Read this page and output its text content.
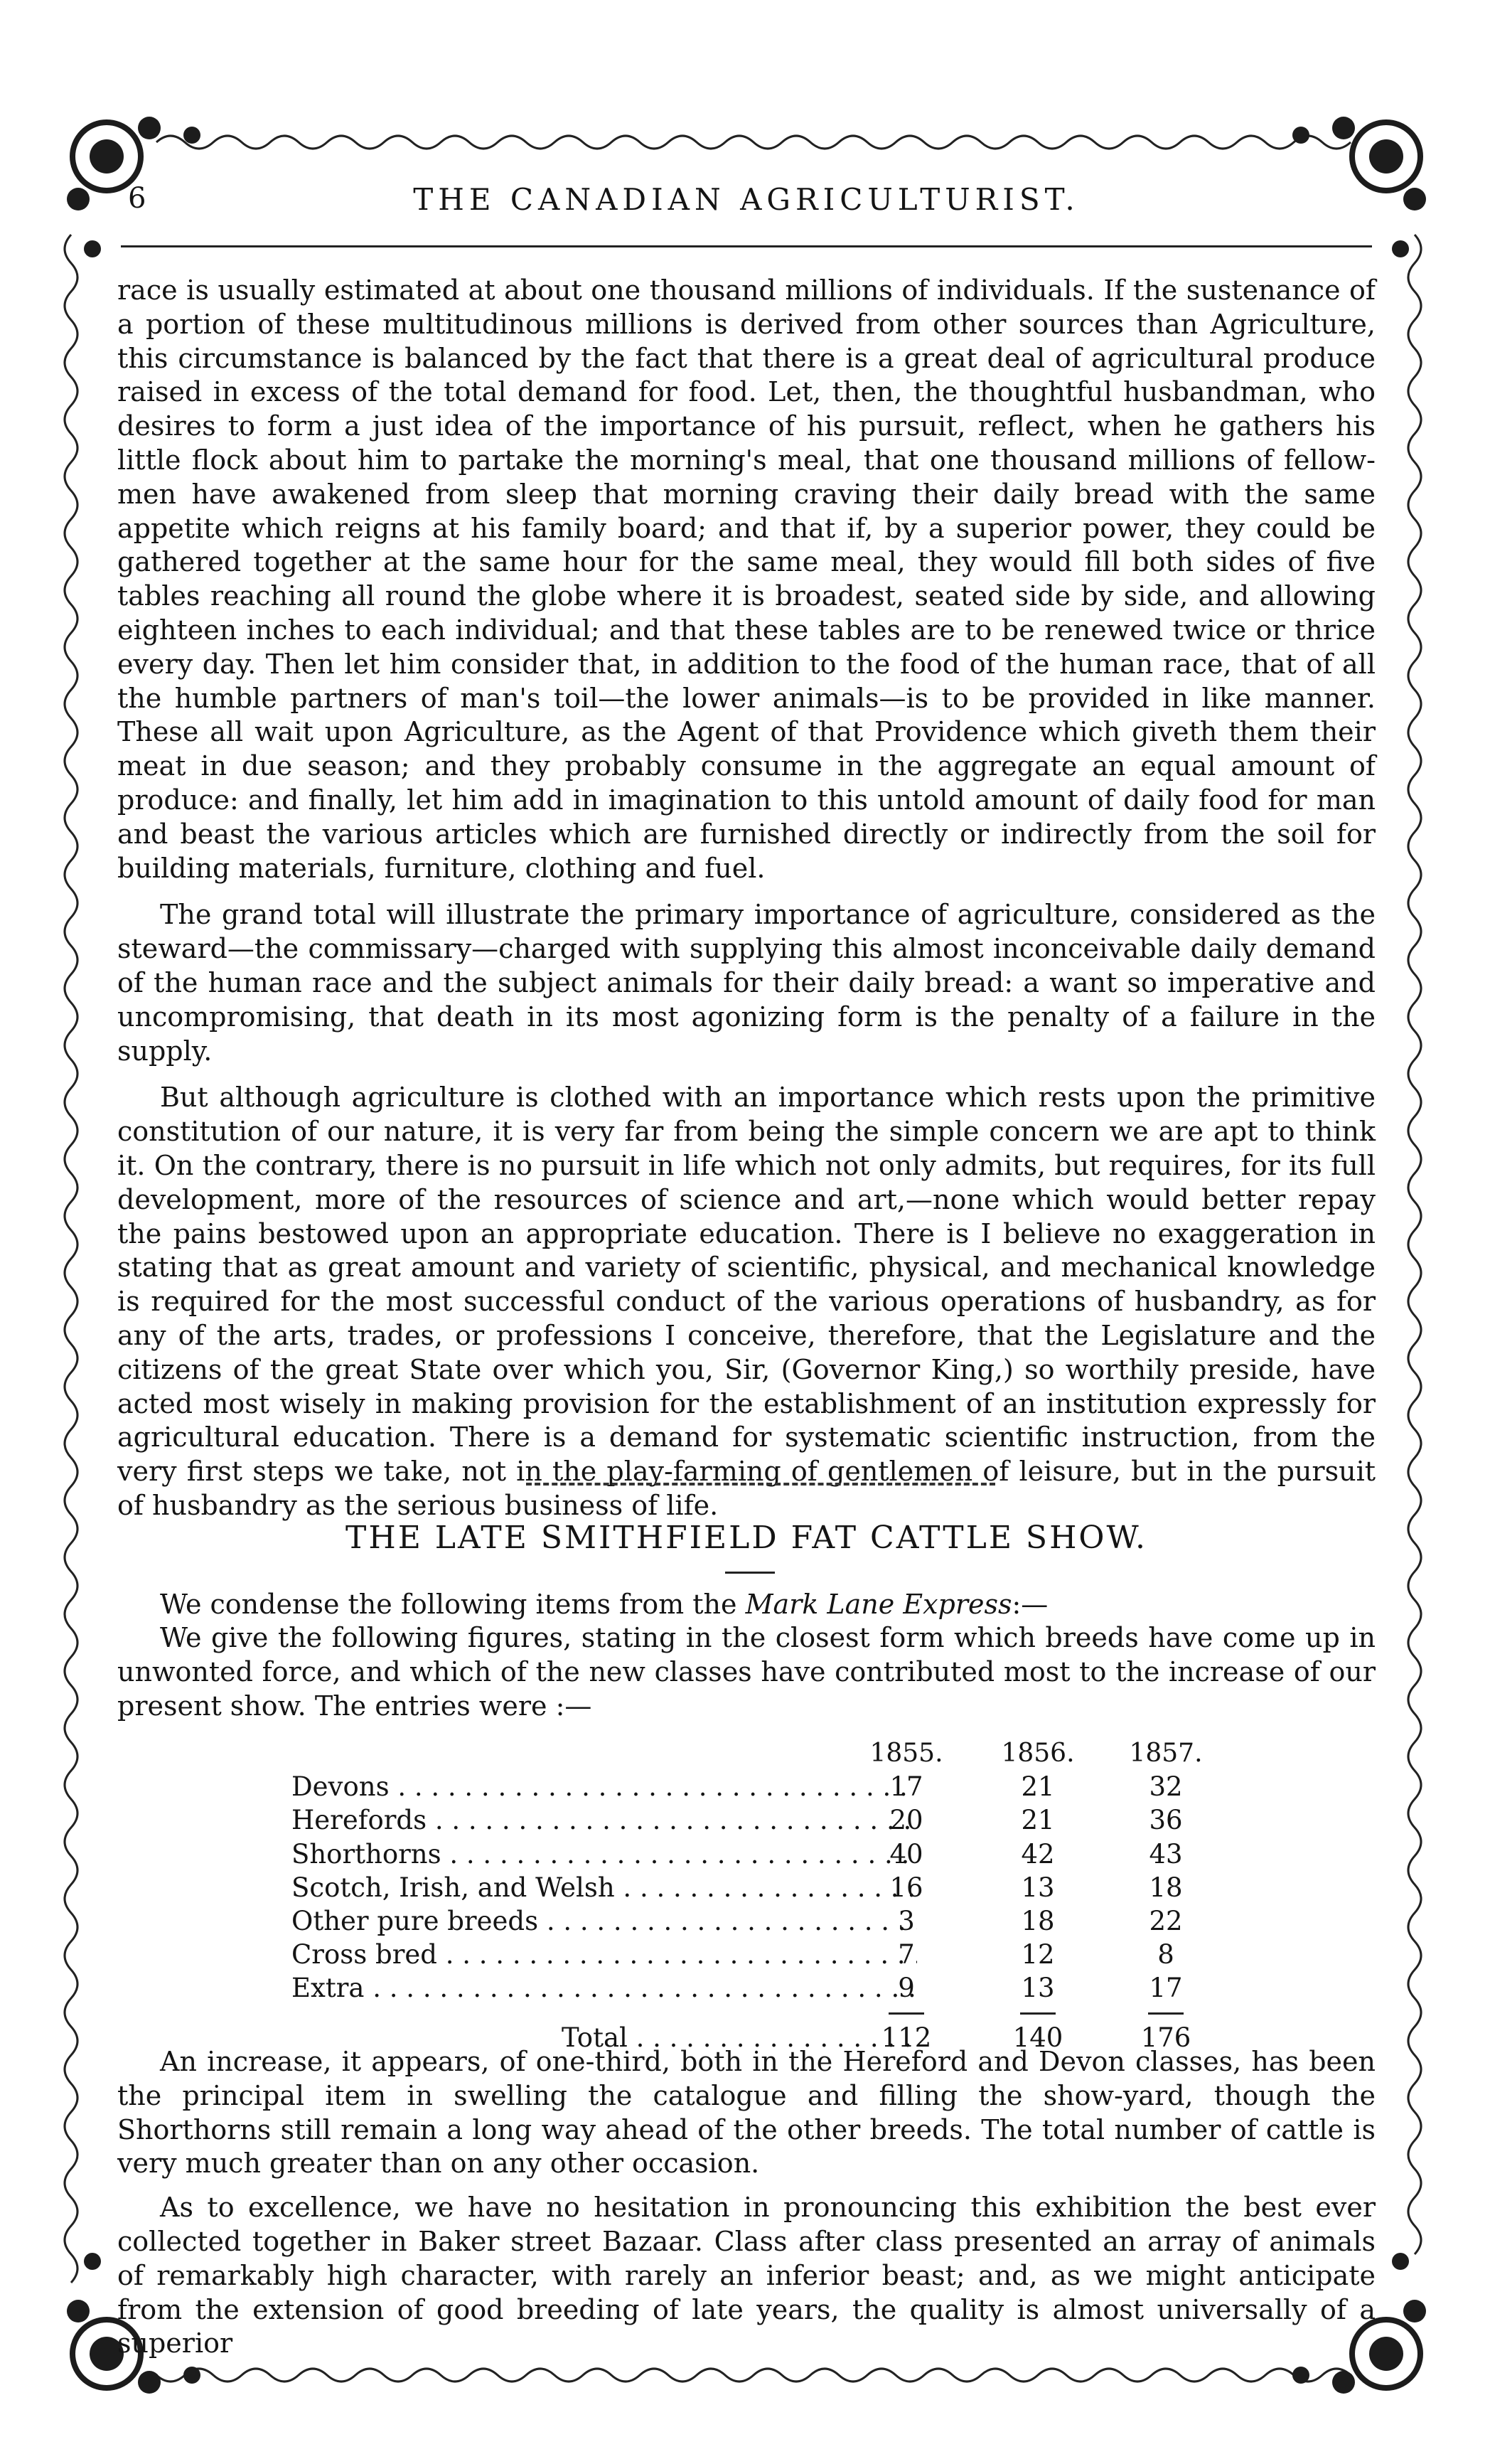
6	THE CANADIAN AGRICULTURIST.

race is usually estimated at about one thousand millions of individuals. If the sustenance of a portion of these multitudinous millions is derived from other sources than Agriculture, this circumstance is balanced by the fact that there is a great deal of agricultural produce raised in excess of the total demand for food. Let, then, the thoughtful husbandman, who desires to form a just idea of the importance of his pursuit, reflect, when he gathers his little flock about him to partake the morning's meal, that one thousand millions of fellow-men have awakened from sleep that morning craving their daily bread with the same appetite which reigns at his family board; and that if, by a superior power, they could be gathered together at the same hour for the same meal, they would fill both sides of five tables reaching all round the globe where it is broadest, seated side by side, and allowing eighteen inches to each individual; and that these tables are to be renewed twice or thrice every day. Then let him consider that, in addition to the food of the human race, that of all the humble partners of man's toil—the lower animals—is to be provided in like manner. These all wait upon Agriculture, as the Agent of that Providence which giveth them their meat in due season; and they probably consume in the aggregate an equal amount of produce: and finally, let him add in imagination to this untold amount of daily food for man and beast the various articles which are furnished directly or indirectly from the soil for building materials, furniture, clothing and fuel.

The grand total will illustrate the primary importance of agriculture, considered as the steward—the commissary—charged with supplying this almost inconceivable daily demand of the human race and the subject animals for their daily bread: a want so imperative and uncompromising, that death in its most agonizing form is the penalty of a failure in the supply.

But although agriculture is clothed with an importance which rests upon the primitive constitution of our nature, it is very far from being the simple concern we are apt to think it. On the contrary, there is no pursuit in life which not only admits, but requires, for its full development, more of the resources of science and art,—none which would better repay the pains bestowed upon an appropriate education. There is I believe no exaggeration in stating that as great amount and variety of scientific, physical, and mechanical knowledge is required for the most successful conduct of the various operations of husbandry, as for any of the arts, trades, or professions I conceive, therefore, that the Legislature and the citizens of the great State over which you, Sir, (Governor King,) so worthily preside, have acted most wisely in making provision for the establishment of an institution expressly for agricultural education. There is a demand for systematic scientific instruction, from the very first steps we take, not in the play-farming of gentlemen of leisure, but in the pursuit of husbandry as the serious business of life.

THE LATE SMITHFIELD FAT CATTLE SHOW.
We condense the following items from the Mark Lane Express:—

We give the following figures, stating in the closest form which breeds have come up in unwonted force, and which of the new classes have contributed most to the increase of our present show. The entries were :—

1855.	1856.	1857.
Devons . . .	17	21	32
Herefords . . .	20	21	36
Shorthorns . . .	40	42	43
Scotch, Irish, and Welsh . . .	16	13	18
Other pure breeds . . .	3	18	22
Cross bred . . .	7	12	8
Extra . . .	9	13	17
Total . . .	112	140	176

An increase, it appears, of one-third, both in the Hereford and Devon classes, has been the principal item in swelling the catalogue and filling the show-yard, though the Shorthorns still remain a long way ahead of the other breeds. The total number of cattle is very much greater than on any other occasion.

As to excellence, we have no hesitation in pronouncing this exhibition the best ever collected together in Baker street Bazaar. Class after class presented an array of animals of remarkably high character, with rarely an inferior beast; and, as we might anticipate from the extension of good breeding of late years, the quality is almost universally of a superior
